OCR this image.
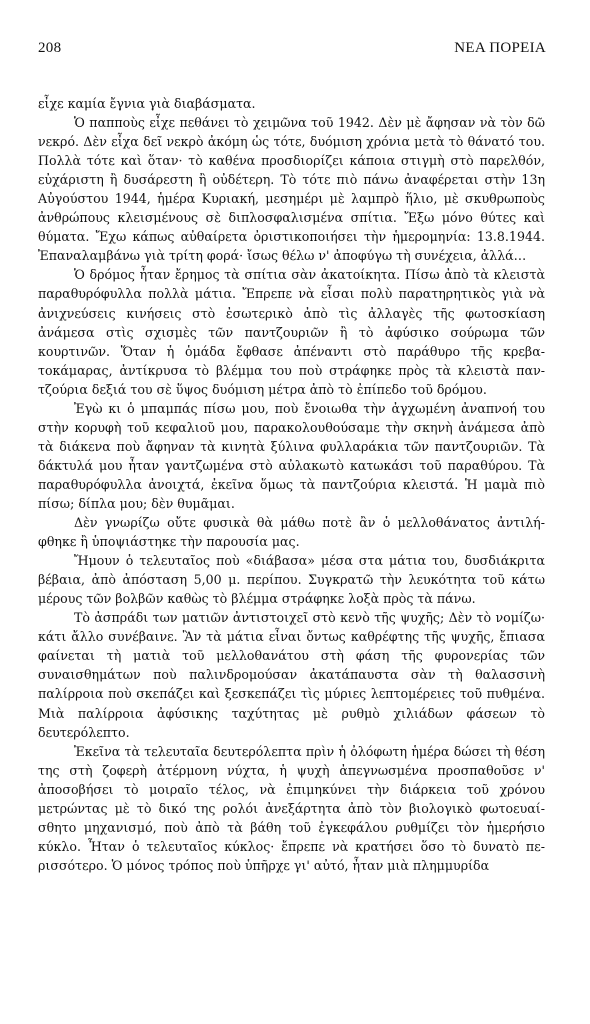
208	ΝΕΑ ΠΟΡΕΙΑ

εἶχε καμία ἔγνια γιὰ διαβάσματα.

Ὁ παπποὺς εἶχε πεθάνει τὸ χειμῶνα τοῦ 1942. Δὲν μὲ ἄφησαν νὰ τὸν δῶ νεκρό. Δὲν εἶχα δεῖ νεκρὸ ἀκόμη ὡς τότε, δυόμιση χρόνια μετὰ τὸ θάνατό του. Πολλὰ τότε καὶ ὅταν· τὸ καθένα προσδιορίζει κάποια στιγμὴ στὸ παρελθόν, εὐχάριστη ἢ δυσάρεστη ἢ οὐδέτερη. Τὸ τότε πιὸ πάνω ἀναφέρεται στὴν 13η Αὐγούστου 1944, ἡμέρα Κυριακή, μεσημέρι μὲ λαμπρὸ ἥλιο, μὲ σκυθρωποὺς ἀνθρώπους κλεισμένους σὲ διπλοσφαλισμένα σπίτια. Ἔξω μόνο θύτες καὶ θύματα. Ἔχω κάπως αὐθαίρετα ὀριστικοποιήσει τὴν ἡμερομηνία: 13.8.1944. Ἐπαναλαμβάνω γιὰ τρίτη φορά· ἴσως θέλω ν' ἀποφύγω τὴ συνέχεια, ἀλλά…

Ὁ δρόμος ἦταν ἔρημος τὰ σπίτια σὰν ἀκατοίκητα. Πίσω ἀπὸ τὰ κλειστὰ παραθυρόφυλλα πολλὰ μάτια. Ἔπρεπε νὰ εἶσαι πολὺ παρατηρητικὸς γιὰ νὰ ἀνιχνεύσεις κινήσεις στὸ ἐσωτερικὸ ἀπὸ τὶς ἀλλαγὲς τῆς φωτοσκίαση ἀνάμεσα στὶς σχισμὲς τῶν παντζουριῶν ἢ τὸ ἀφύσικο σούρωμα τῶν κουρτινῶν. Ὅταν ἡ ὁμάδα ἔφθασε ἀπέναντι στὸ παράθυρο τῆς κρεβατοκάμαρας, ἀντίκρυσα τὸ βλέμμα του ποὺ στράφηκε πρὸς τὰ κλειστὰ παντζούρια δεξιά του σὲ ὕψος δυόμιση μέτρα ἀπὸ τὸ ἐπίπεδο τοῦ δρόμου.

Ἐγὼ κι ὁ μπαμπάς πίσω μου, ποὺ ἔνοιωθα τὴν ἀγχωμένη ἀναπνοή του στὴν κορυφὴ τοῦ κεφαλιοῦ μου, παρακολουθούσαμε τὴν σκηνὴ ἀνάμεσα ἀπὸ τὰ διάκενα ποὺ ἄφηναν τὰ κινητὰ ξύλινα φυλλαράκια τῶν παντζουριῶν. Τὰ δάκτυλά μου ἦταν γαντζωμένα στὸ αὐλακωτὸ κατωκάσι τοῦ παραθύρου. Τὰ παραθυρόφυλλα ἀνοιχτά, ἐκεῖνα ὅμως τὰ παντζούρια κλειστά. Ἡ μαμὰ πιὸ πίσω; δίπλα μου; δὲν θυμᾶμαι.

Δὲν γνωρίζω οὔτε φυσικὰ θὰ μάθω ποτὲ ἂν ὁ μελλοθάνατος ἀντιλήφθηκε ἢ ὑποψιάστηκε τὴν παρουσία μας.

Ἤμουν ὁ τελευταῖος ποὺ «διάβασα» μέσα στα μάτια του, δυσδιάκριτα βέβαια, ἀπὸ ἀπόσταση 5,00 μ. περίπου. Συγκρατῶ τὴν λευκότητα τοῦ κάτω μέρους τῶν βολβῶν καθὼς τὸ βλέμμα στράφηκε λοξὰ πρὸς τὰ πάνω.

Τὸ ἀσπράδι των ματιῶν ἀντιστοιχεῖ στὸ κενὸ τῆς ψυχῆς; Δὲν τὸ νομίζω· κάτι ἄλλο συνέβαινε. Ἂν τὰ μάτια εἶναι ὄντως καθρέφτης τῆς ψυχῆς, ἔπιασα φαίνεται τὴ ματιὰ τοῦ μελλοθανάτου στὴ φάση τῆς φυρονερίας τῶν συναισθημάτων ποὺ παλινδρομούσαν ἀκατάπαυστα σὰν τὴ θαλασσινὴ παλίρροια ποὺ σκεπάζει καὶ ξεσκεπάζει τὶς μύριες λεπτομέρειες τοῦ πυθμένα. Μιὰ παλίρροια ἀφύσικης ταχύτητας μὲ ρυθμὸ χιλιάδων φάσεων τὸ δευτερόλεπτο.

Ἐκεῖνα τὰ τελευταῖα δευτερόλεπτα πρὶν ἡ ὀλόφωτη ἡμέρα δώσει τὴ θέση της στὴ ζοφερὴ ἀτέρμονη νύχτα, ἡ ψυχὴ ἀπεγνωσμένα προσπαθοῦσε ν' ἀποσοβήσει τὸ μοιραῖο τέλος, νὰ ἐπιμηκύνει τὴν διάρκεια τοῦ χρόνου μετρώντας μὲ τὸ δικό της ρολόι ἀνεξάρτητα ἀπὸ τὸν βιολογικὸ φωτοευαίσθητο μηχανισμό, ποὺ ἀπὸ τὰ βάθη τοῦ ἐγκεφάλου ρυθμίζει τὸν ἡμερήσιο κύκλο. Ἦταν ὁ τελευταῖος κύκλος· ἔπρεπε νὰ κρατήσει ὅσο τὸ δυνατὸ περισσότερο. Ὁ μόνος τρόπος ποὺ ὑπῆρχε γι' αὐτό, ἦταν μιὰ πλημμυρίδα
